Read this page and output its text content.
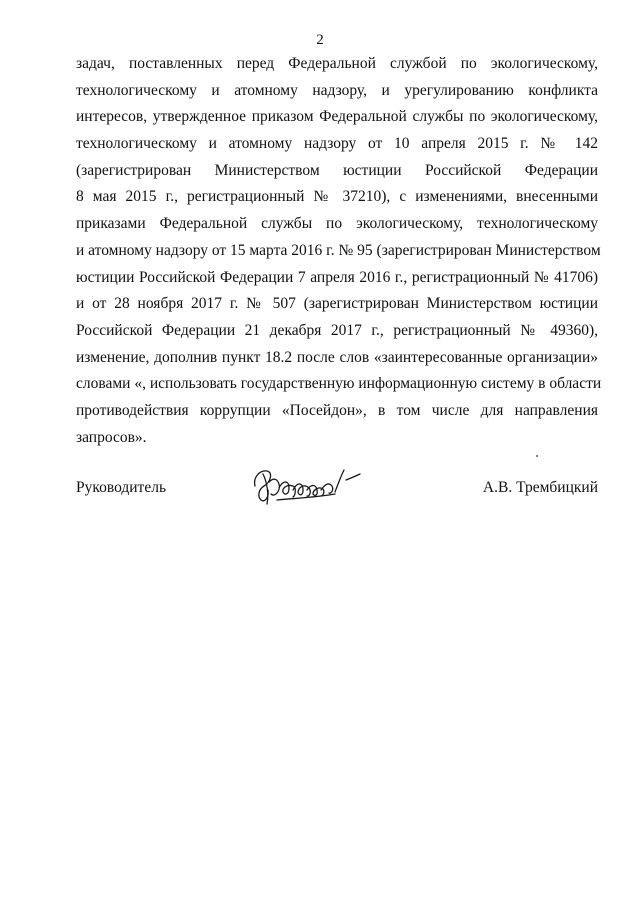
2
задач, поставленных перед Федеральной службой по экологическому,
технологическому и атомному надзору, и урегулированию конфликта
интересов, утвержденное приказом Федеральной службы по экологическому,
технологическому и атомному надзору от 10 апреля 2015 г. № 142
(зарегистрирован Министерством юстиции Российской Федерации
8 мая 2015 г., регистрационный № 37210), с изменениями, внесенными
приказами Федеральной службы по экологическому, технологическому
и атомному надзору от 15 марта 2016 г. № 95 (зарегистрирован Министерством
юстиции Российской Федерации 7 апреля 2016 г., регистрационный № 41706)
и от 28 ноября 2017 г. № 507 (зарегистрирован Министерством юстиции
Российской Федерации 21 декабря 2017 г., регистрационный № 49360),
изменение, дополнив пункт 18.2 после слов «заинтересованные организации»
словами «, использовать государственную информационную систему в области
противодействия коррупции «Посейдон», в том числе для направления
запросов».
Руководитель	А.В. Трембицкий
